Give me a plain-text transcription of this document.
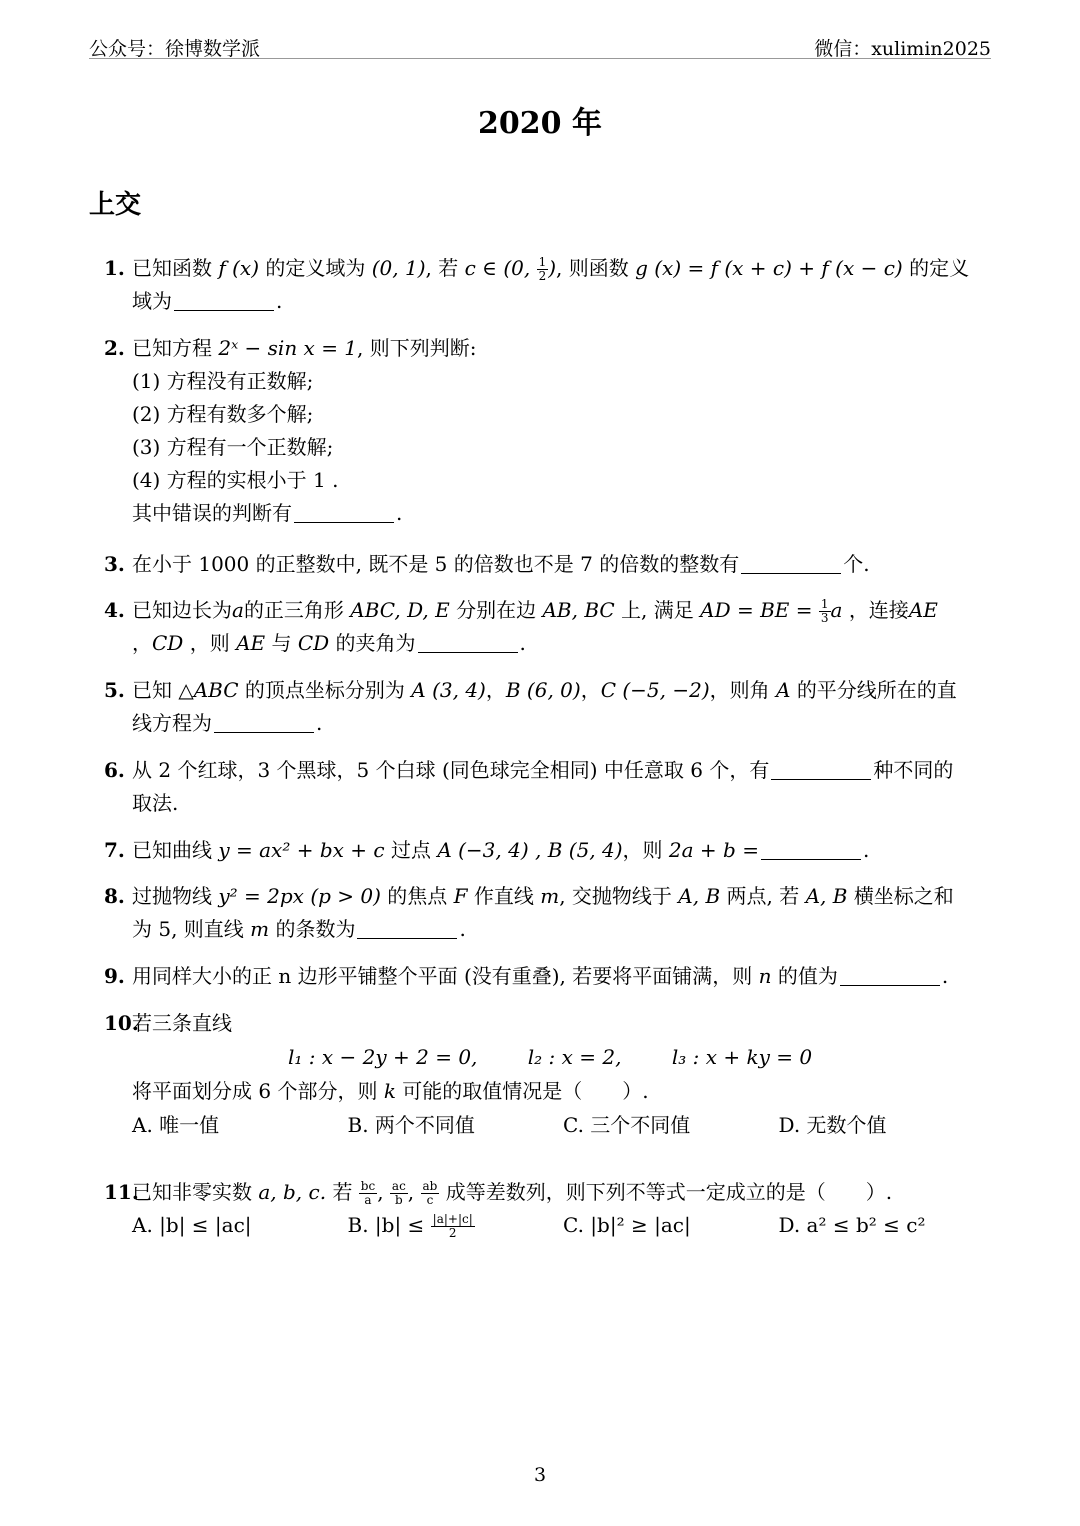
公众号：徐博数学派	微信：xulimin2025
2020 年
上交
1. 已知函数 f (x) 的定义域为 (0, 1), 若 c ∈ (0, $\frac{1}{2}$ ), 则函数 g (x) = f (x + c) + f (x − c) 的定义
域为	.
2. 已知方程 2ˣ − sin x = 1, 则下列判断:
(1) 方程没有正数解;
(2) 方程有数多个解;
(3) 方程有一个正数解;
(4) 方程的实根小于 1 .
其中错误的判断有	.
3. 在小于 1000 的正整数中, 既不是 5 的倍数也不是 7 的倍数的整数有	个.
4. 已知边长为a的正三角形 ABC, D, E 分别在边 AB, BC 上, 满足 AD = BE = $\frac{1}{3}$ a ，连接AE
，CD ，则 AE 与 CD 的夹角为	.
5. 已知 △ABC 的顶点坐标分别为 A (3, 4)，B (6, 0)，C (−5, −2)，则角 A 的平分线所在的直
线方程为	.
6. 从 2 个红球，3 个黑球，5 个白球 (同色球完全相同) 中任意取 6 个，有	种不同的
取法.
7. 已知曲线 y = ax² + bx + c 过点 A (−3, 4) , B (5, 4)，则 2a + b =	.
8. 过抛物线 y² = 2px (p > 0) 的焦点 F 作直线 m, 交抛物线于 A, B 两点, 若 A, B 横坐标之和
为 5, 则直线 m 的条数为	.
9. 用同样大小的正 n 边形平铺整个平面 (没有重叠), 若要将平面铺满，则 n 的值为	.
10.
若三条直线
l₁ : x − 2y + 2 = 0,	l₂ : x = 2,	l₃ : x + ky = 0
将平面划分成 6 个部分，则 k 可能的取值情况是（　　）.
A. 唯一值	B. 两个不同值	C. 三个不同值	D. 无数个值
11.
已知非零实数 a, b, c. 若 $\frac{bc}{a}$ , $\frac{ac}{b}$ , $\frac{ab}{c}$ 成等差数列，则下列不等式一定成立的是（　　）.
A. |b| ≤ |ac|	B. $|b| \le \frac{|a|+|c|}{2}$	C. |b|² ≥ |ac|	D. a² ≤ b² ≤ c²
3
